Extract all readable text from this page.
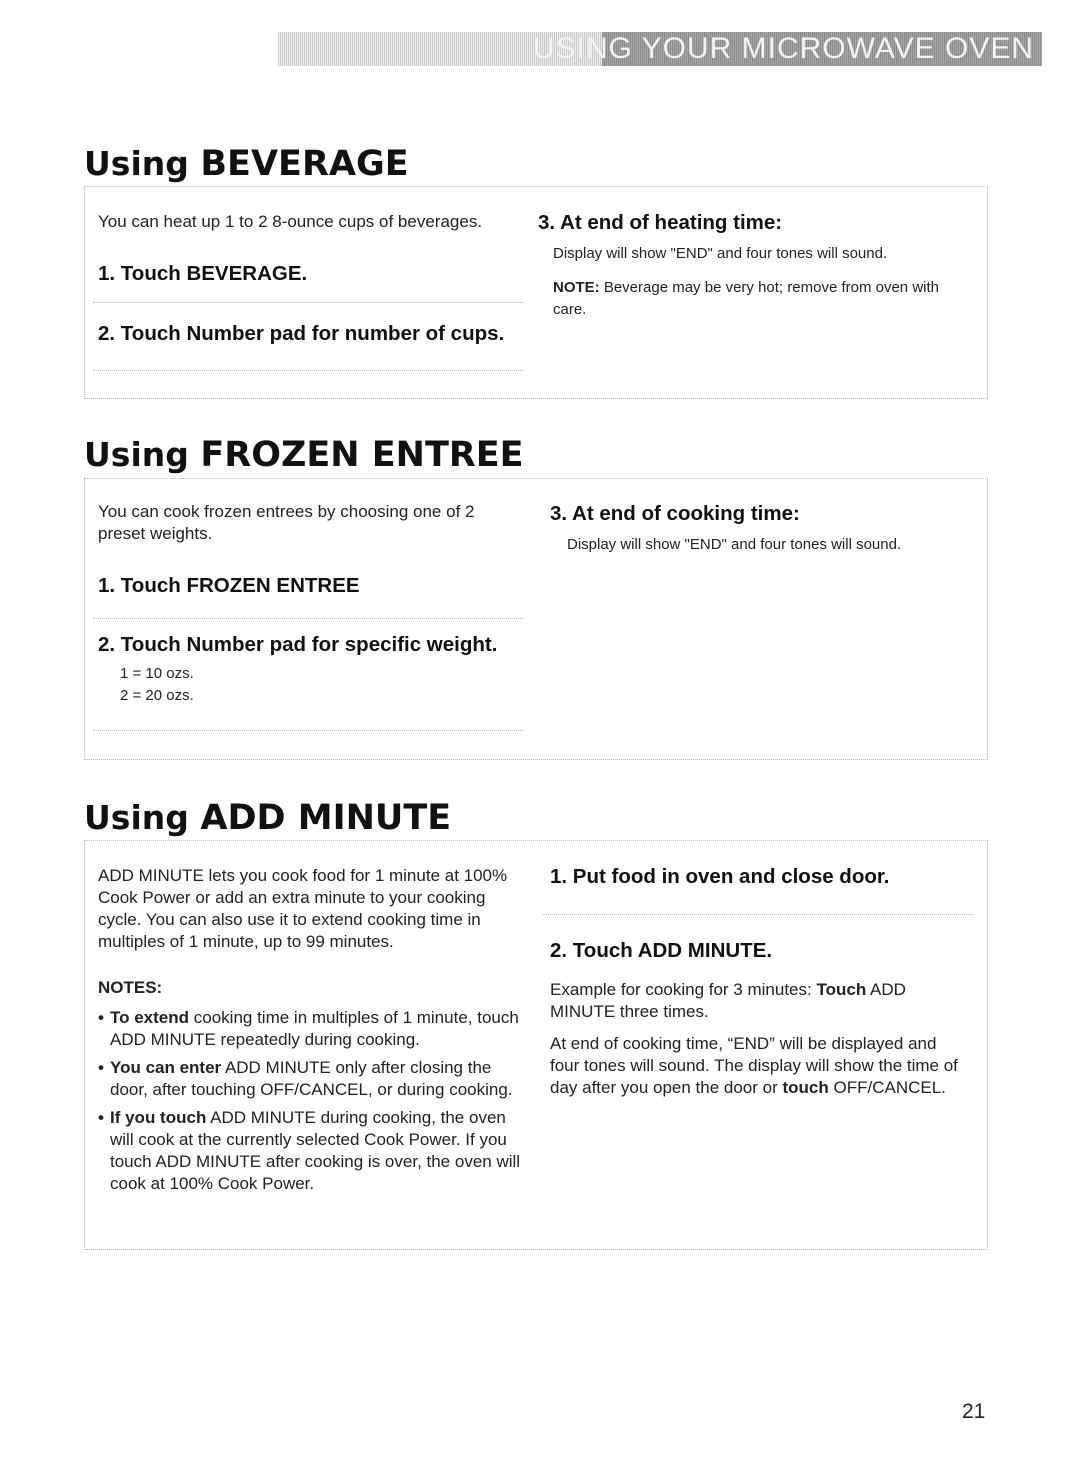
USING YOUR MICROWAVE OVEN
Using BEVERAGE
You can heat up 1 to 2 8-ounce cups of beverages.
1. Touch BEVERAGE.
2. Touch Number pad for number of cups.
3. At end of heating time:
Display will show "END" and four tones will sound.
NOTE: Beverage may be very hot; remove from oven with care.
Using FROZEN ENTREE
You can cook frozen entrees by choosing one of 2 preset weights.
1. Touch FROZEN ENTREE
2. Touch Number pad for specific weight.
1 = 10 ozs.
2 = 20 ozs.
3. At end of cooking time:
Display will show "END" and four tones will sound.
Using ADD MINUTE
ADD MINUTE lets you cook food for 1 minute at 100% Cook Power or add an extra minute to your cooking cycle. You can also use it to extend cooking time in multiples of 1 minute, up to 99 minutes.
NOTES:
• To extend cooking time in multiples of 1 minute, touch ADD MINUTE repeatedly during cooking.
• You can enter ADD MINUTE only after closing the door, after touching OFF/CANCEL, or during cooking.
• If you touch ADD MINUTE during cooking, the oven will cook at the currently selected Cook Power. If you touch ADD MINUTE after cooking is over, the oven will cook at 100% Cook Power.
1. Put food in oven and close door.
2. Touch ADD MINUTE.
Example for cooking for 3 minutes: Touch ADD MINUTE three times.
At end of cooking time, “END” will be displayed and four tones will sound. The display will show the time of day after you open the door or touch OFF/CANCEL.
21
